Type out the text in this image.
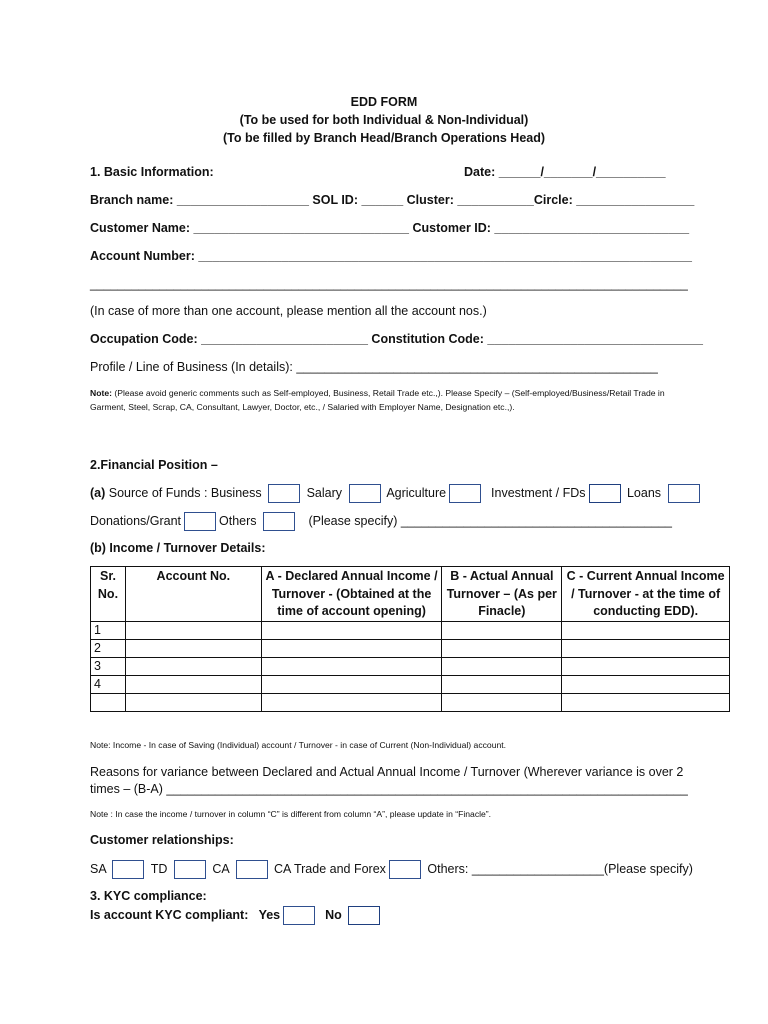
EDD FORM
(To be used for both Individual & Non-Individual)
(To be filled by Branch Head/Branch Operations Head)
1. Basic Information:	Date: ______/_______/__________
Branch name: ___________________ SOL ID: ______ Cluster: ___________Circle: _________________
Customer Name: _______________________________ Customer ID: ____________________________
Account Number: _______________________________________________________________________
______________________________________________________________________________________
(In case of more than one account, please mention all the account nos.)
Occupation Code: ________________________ Constitution Code: _______________________________
Profile / Line of Business (In details): ____________________________________________________
Note: (Please avoid generic comments such as Self-employed, Business, Retail Trade etc.,). Please Specify – (Self-employed/Business/Retail Trade in Garment, Steel, Scrap, CA, Consultant, Lawyer, Doctor, etc., / Salaried with Employer Name, Designation etc.,).
2.Financial Position –
(a) Source of Funds : Business	Salary	Agriculture	Investment / FDs	Loans
Donations/Grant	Others	(Please specify) _______________________________________
(b) Income / Turnover Details:
Sr. No.	Account No.	A - Declared Annual Income / Turnover - (Obtained at the time of account opening)	B - Actual Annual Turnover – (As per Finacle)	C - Current Annual Income / Turnover - at the time of conducting EDD).
1				
2				
3				
4				

Note: Income - In case of Saving (Individual) account / Turnover - in case of Current (Non-Individual) account.
Reasons for variance between Declared and Actual Annual Income / Turnover (Wherever variance is over 2 times – (B-A) ___________________________________________________________________________
Note : In case the income / turnover in column “C” is different from column “A”, please update in “Finacle”.
Customer relationships:
SA	TD	CA	CA Trade and Forex	Others: ___________________(Please specify)
3. KYC compliance:
Is account KYC compliant: Yes	No
